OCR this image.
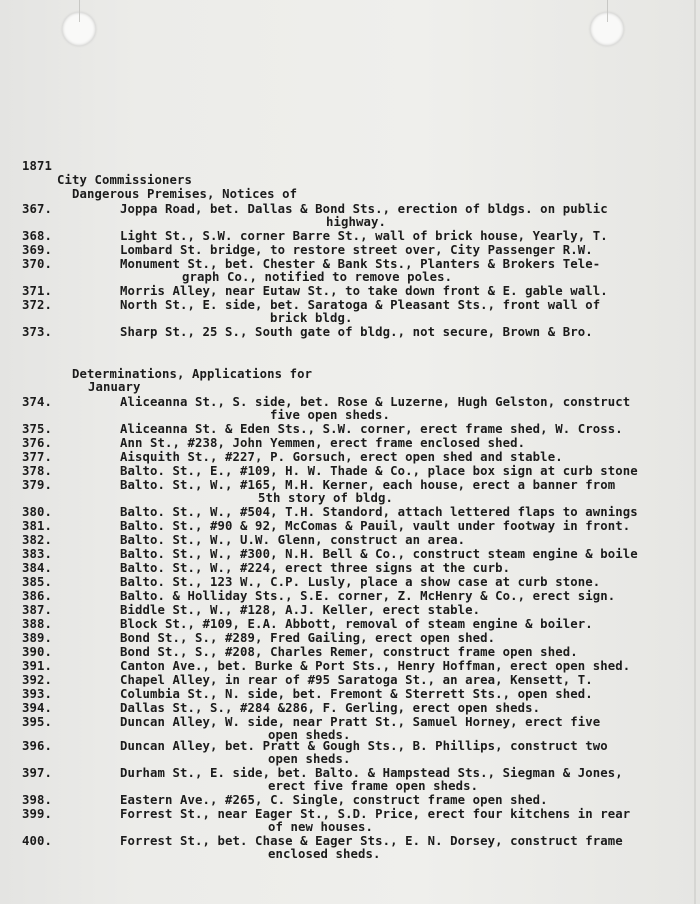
1871
City Commissioners
Dangerous Premises, Notices of
367.	Joppa Road, bet. Dallas & Bond Sts., erection of bldgs. on public
highway.
368.	Light St., S.W. corner Barre St., wall of brick house, Yearly, T.
369.	Lombard St. bridge, to restore street over, City Passenger R.W.
370.	Monument St., bet. Chester & Bank Sts., Planters & Brokers Tele-
graph Co., notified to remove poles.
371.	Morris Alley, near Eutaw St., to take down front & E. gable wall.
372.	North St., E. side, bet. Saratoga & Pleasant Sts., front wall of
brick bldg.
373.	Sharp St., 25 S., South gate of bldg., not secure, Brown & Bro.
Determinations, Applications for
January
374.	Aliceanna St., S. side, bet. Rose & Luzerne, Hugh Gelston, construct
five open sheds.
375.	Aliceanna St. & Eden Sts., S.W. corner, erect frame shed, W. Cross.
376.	Ann St., #238, John Yemmen, erect frame enclosed shed.
377.	Aisquith St., #227, P. Gorsuch, erect open shed and stable.
378.	Balto. St., E., #109, H. W. Thade & Co., place box sign at curb stone
379.	Balto. St., W., #165, M.H. Kerner, each house, erect a banner from
5th story of bldg.
380.	Balto. St., W., #504, T.H. Standord, attach lettered flaps to awnings
381.	Balto. St., #90 & 92, McComas & Pauil, vault under footway in front.
382.	Balto. St., W., U.W. Glenn, construct an area.
383.	Balto. St., W., #300, N.H. Bell & Co., construct steam engine & boile
384.	Balto. St., W., #224, erect three signs at the curb.
385.	Balto. St., 123 W., C.P. Lusly, place a show case at curb stone.
386.	Balto. & Holliday Sts., S.E. corner, Z. McHenry & Co., erect sign.
387.	Biddle St., W., #128, A.J. Keller, erect stable.
388.	Block St., #109, E.A. Abbott, removal of steam engine & boiler.
389.	Bond St., S., #289, Fred Gailing, erect open shed.
390.	Bond St., S., #208, Charles Remer, construct frame open shed.
391.	Canton Ave., bet. Burke & Port Sts., Henry Hoffman, erect open shed.
392.	Chapel Alley, in rear of #95 Saratoga St., an area, Kensett, T.
393.	Columbia St., N. side, bet. Fremont & Sterrett Sts., open shed.
394.	Dallas St., S., #284 &286, F. Gerling, erect open sheds.
395.	Duncan Alley, W. side, near Pratt St., Samuel Horney, erect five
open sheds.
396.	Duncan Alley, bet. Pratt & Gough Sts., B. Phillips, construct two
open sheds.
397.	Durham St., E. side, bet. Balto. & Hampstead Sts., Siegman & Jones,
erect five frame open sheds.
398.	Eastern Ave., #265, C. Single, construct frame open shed.
399.	Forrest St., near Eager St., S.D. Price, erect four kitchens in rear
of new houses.
400.	Forrest St., bet. Chase & Eager Sts., E. N. Dorsey, construct frame
enclosed sheds.
